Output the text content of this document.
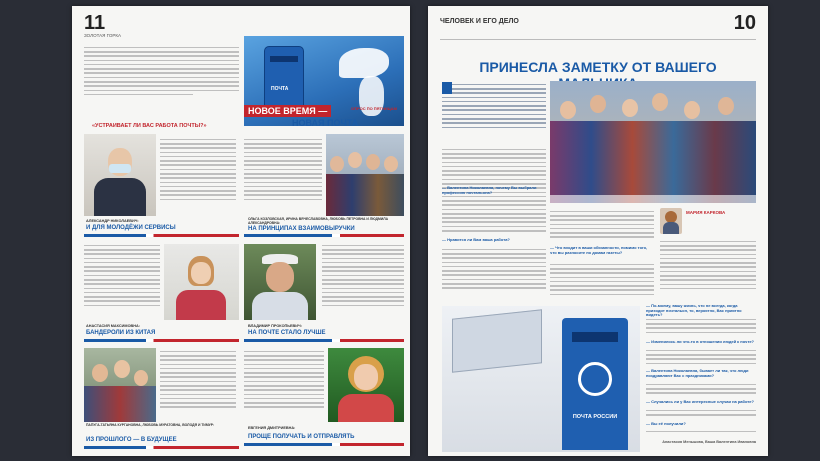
11
ЗОЛОТАЯ ГОРКА
ПОЧТА
НОВОЕ ВРЕМЯ —	ОПРОС ПО ПЯТНИЦАМ
НОВАЯ ПОЧТА
«УСТРАИВАЕТ ЛИ ВАС РАБОТА ПОЧТЫ?»
АЛЕКСАНДР НИКОЛАЕВИЧ:
И ДЛЯ МОЛОДЁЖИ СЕРВИСЫ
ОЛЬГА КОЗЛОВСКАЯ, ИРИНА ВЯЧЕСЛАВОВНА, ЛЮБОВЬ ПЕТРОВНА И ЛЮДМИЛА АЛЕКСАНДРОВНА:
НА ПРИНЦИПАХ ВЗАИМОВЫРУЧКИ
АНАСТАСИЯ МАКСИМОВНА:
БАНДЕРОЛИ ИЗ КИТАЯ
ВЛАДИМИР ПРОКОПЬЕВИЧ:
НА ПОЧТЕ СТАЛО ЛУЧШЕ
ПАПУГА-ТАТЬЯНА КУРГАНОВНА, ЛЮБОВЬ МУРАТОВНА, ВОЛОДЯ И ТИМУР:
ИЗ ПРОШЛОГО — В БУДУЩЕЕ
ЕВГЕНИЯ ДМИТРИЕВНА:
ПРОЩЕ ПОЛУЧАТЬ И ОТПРАВЛЯТЬ
ЧЕЛОВЕК И ЕГО ДЕЛО	10
ПРИНЕСЛА ЗАМЕТКУ ОТ ВАШЕГО
— Валентина Николаевна, почему Вы выбрали профессию почтальона?
— Нравится ли Вам ваша работа?
— Что входит в ваши обязанности, помимо того, что вы разносите по домам газеты?
МАРИЯ КАРКОВА
ПОЧТА РОССИИ
— По-моему, вашу жизнь, что не всегда, когда приходит почтальон, то, вероятно, Вас приятно видеть?
— Изменилось ли что-то в отношении людей к почте?
— Валентина Николаевна, бывает ли так, что люди поздравляют Вас с праздниками?
— Случались ли у Вас интересные случаи на работе?
— Вы её получили?
Анастасия Меньшова, Ваша Валентина Ивановна
